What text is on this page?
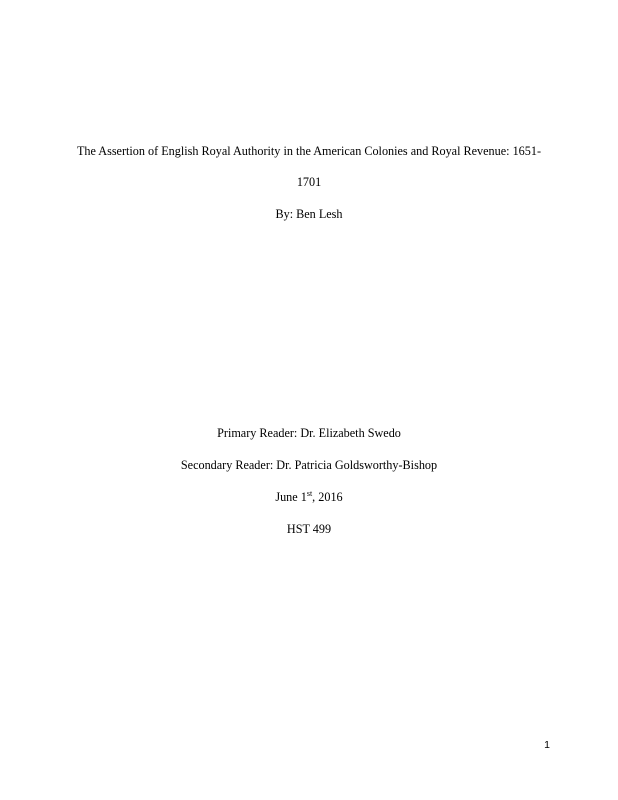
The Assertion of English Royal Authority in the American Colonies and Royal Revenue: 1651-
1701
By: Ben Lesh
Primary Reader: Dr. Elizabeth Swedo
Secondary Reader: Dr. Patricia Goldsworthy-Bishop
June 1st, 2016
HST 499
1
